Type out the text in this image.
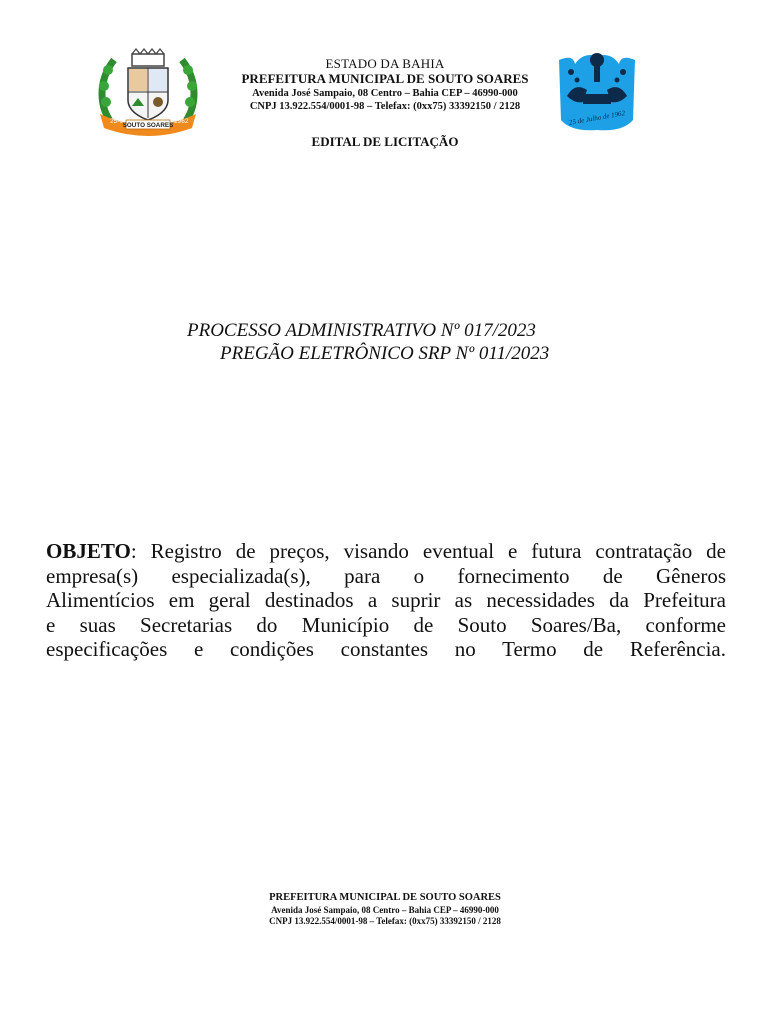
25-07
SOUTO SOARES
1962	25 de Julho de 1962
ESTADO DA BAHIA
PREFEITURA MUNICIPAL DE SOUTO SOARES
Avenida José Sampaio, 08 Centro – Bahia CEP – 46990-000
CNPJ 13.922.554/0001-98 – Telefax: (0xx75) 33392150 / 2128
EDITAL DE LICITAÇÃO
PROCESSO ADMINISTRATIVO Nº 017/2023
PREGÃO ELETRÔNICO SRP Nº 011/2023
OBJETO: Registro de preços, visando eventual e futura contratação de
empresa(s) especializada(s), para o fornecimento de Gêneros
Alimentícios em geral destinados a suprir as necessidades da Prefeitura
e suas Secretarias do Município de Souto Soares/Ba, conforme
especificações e condições constantes no Termo de Referência.
PREFEITURA MUNICIPAL DE SOUTO SOARES
Avenida José Sampaio, 08 Centro – Bahia CEP – 46990-000
CNPJ 13.922.554/0001-98 – Telefax: (0xx75) 33392150 / 2128
